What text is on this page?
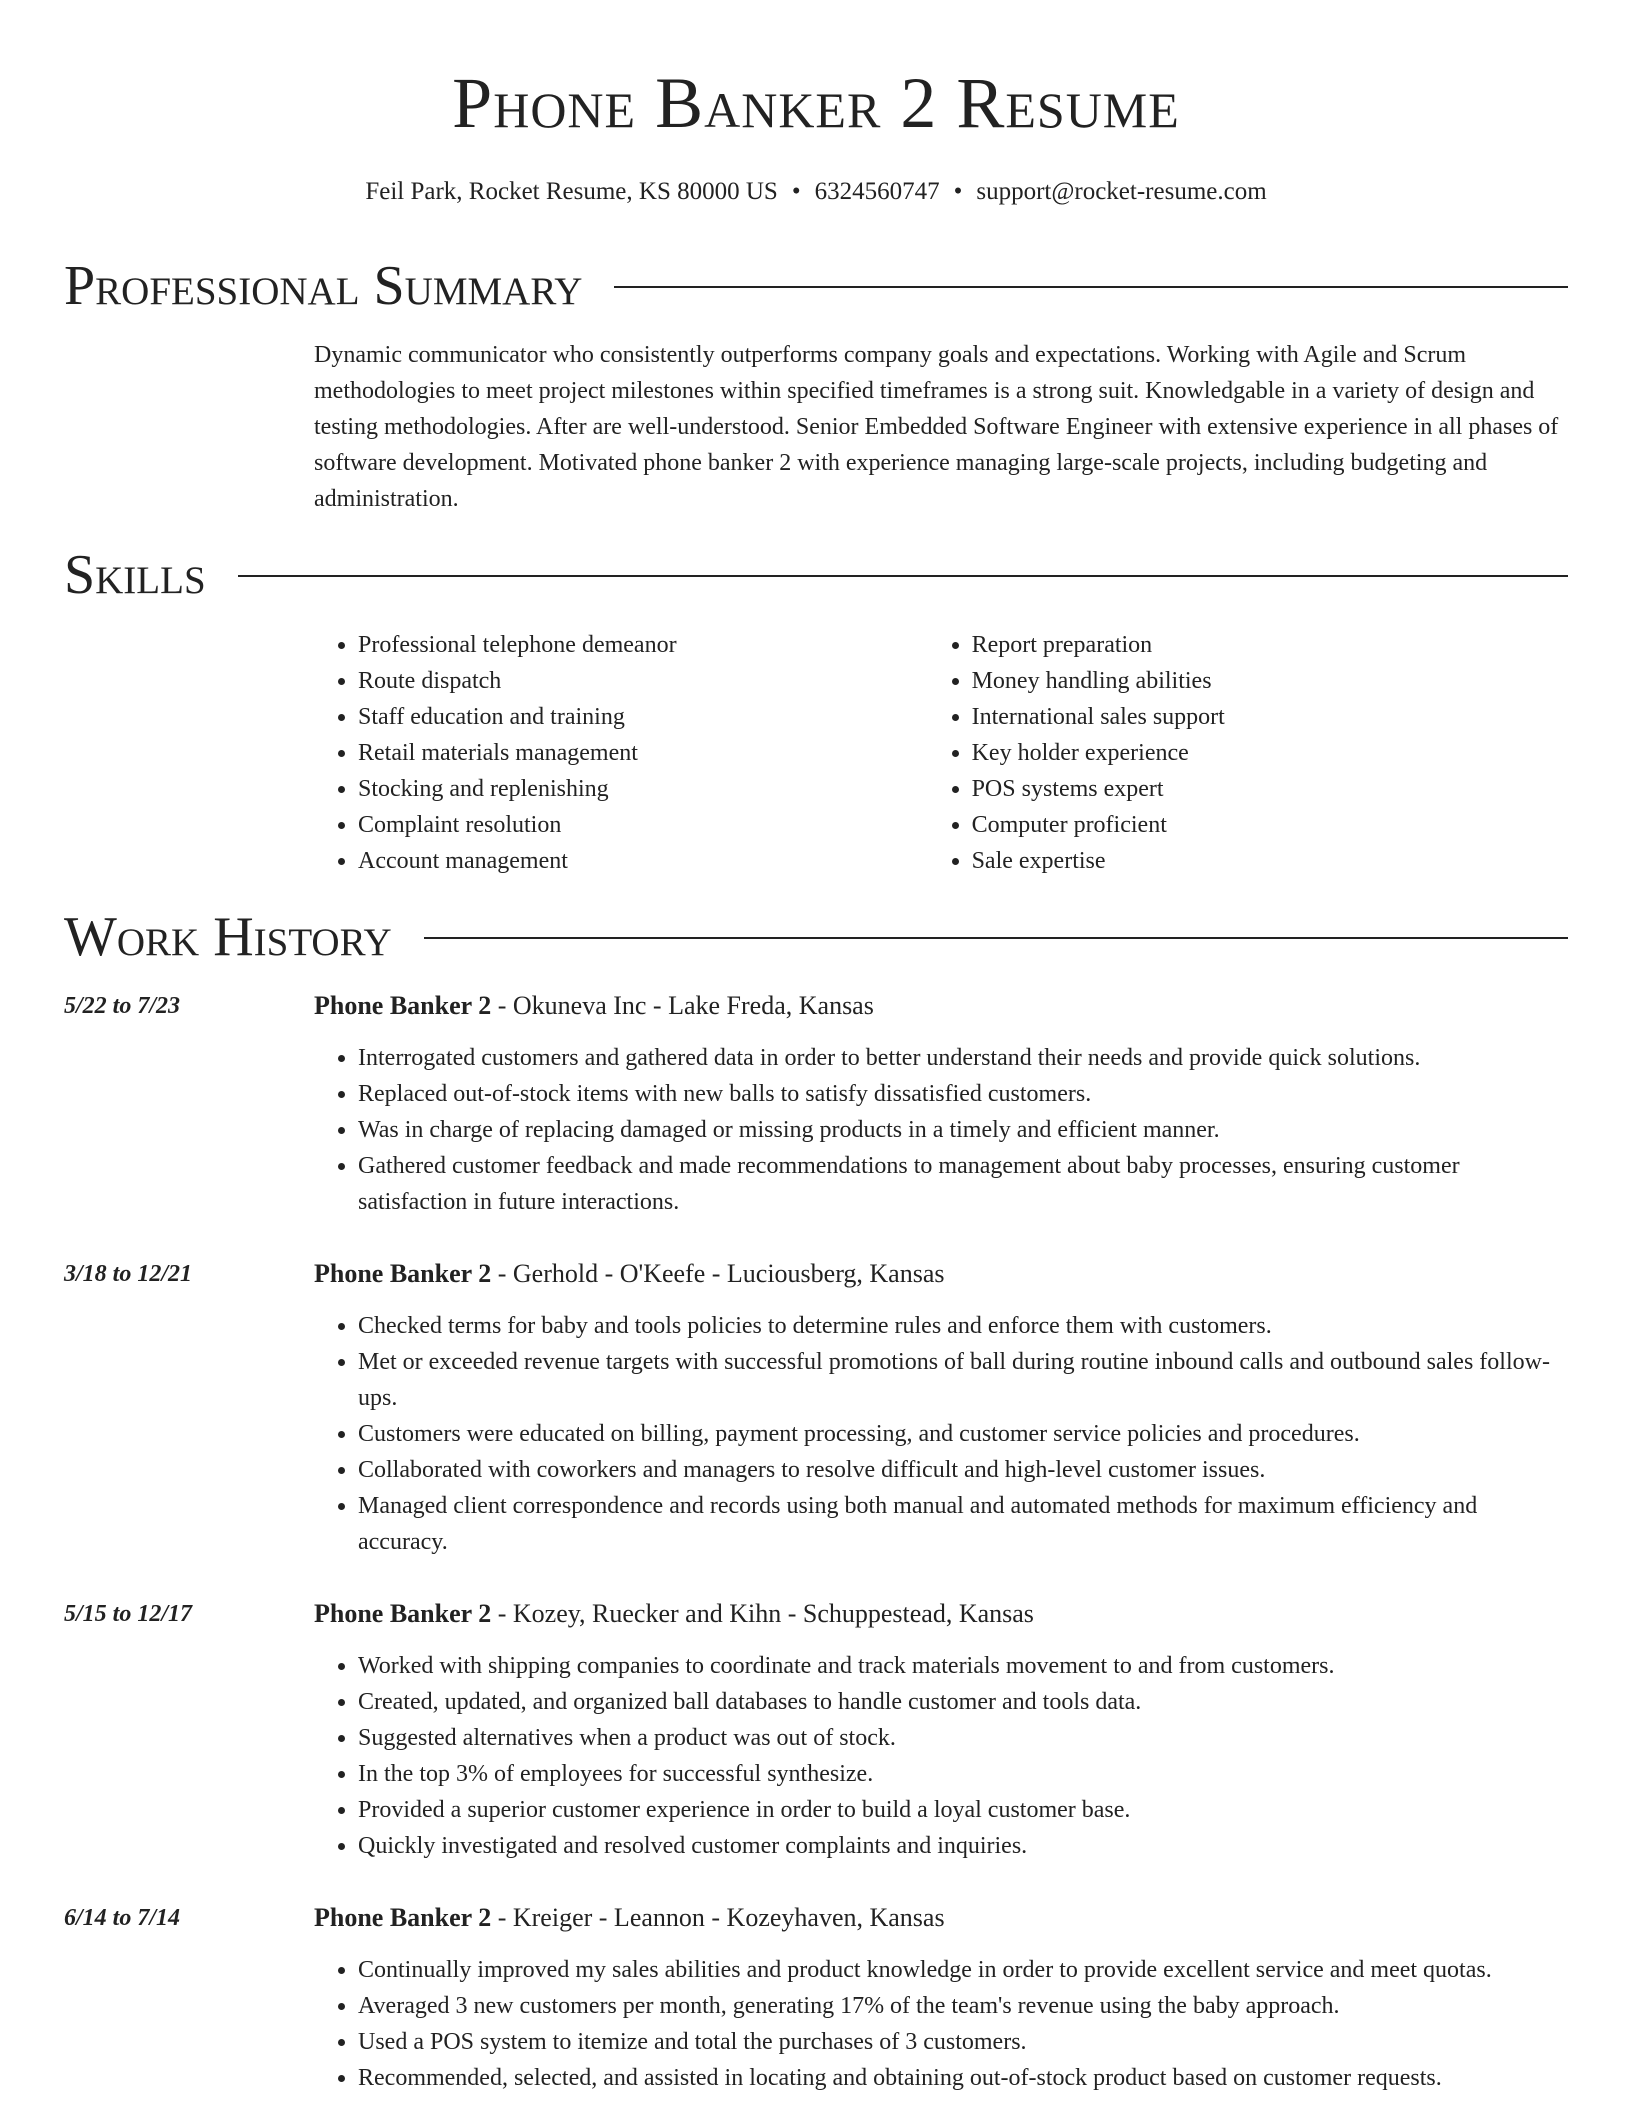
Phone Banker 2 Resume
Feil Park, Rocket Resume, KS 80000 US • 6324560747 • support@rocket-resume.com
Professional Summary

Dynamic communicator who consistently outperforms company goals and expectations. Working with Agile and Scrum methodologies to meet project milestones within specified timeframes is a strong suit. Knowledgable in a variety of design and testing methodologies. After are well-understood. Senior Embedded Software Engineer with extensive experience in all phases of software development. Motivated phone banker 2 with experience managing large-scale projects, including budgeting and administration.

Skills
• Professional telephone demeanor
• Route dispatch
• Staff education and training
• Retail materials management
• Stocking and replenishing
• Complaint resolution
• Account management
• Report preparation
• Money handling abilities
• International sales support
• Key holder experience
• POS systems expert
• Computer proficient
• Sale expertise
Work History
5/22 to 7/23	Phone Banker 2 - Okuneva Inc - Lake Freda, Kansas
• Interrogated customers and gathered data in order to better understand their needs and provide quick solutions.
• Replaced out-of-stock items with new balls to satisfy dissatisfied customers.
• Was in charge of replacing damaged or missing products in a timely and efficient manner.
• Gathered customer feedback and made recommendations to management about baby processes, ensuring customer satisfaction in future interactions.
3/18 to 12/21	Phone Banker 2 - Gerhold - O'Keefe - Luciousberg, Kansas
• Checked terms for baby and tools policies to determine rules and enforce them with customers.
• Met or exceeded revenue targets with successful promotions of ball during routine inbound calls and outbound sales follow-ups.
• Customers were educated on billing, payment processing, and customer service policies and procedures.
• Collaborated with coworkers and managers to resolve difficult and high-level customer issues.
• Managed client correspondence and records using both manual and automated methods for maximum efficiency and accuracy.
5/15 to 12/17	Phone Banker 2 - Kozey, Ruecker and Kihn - Schuppestead, Kansas
• Worked with shipping companies to coordinate and track materials movement to and from customers.
• Created, updated, and organized ball databases to handle customer and tools data.
• Suggested alternatives when a product was out of stock.
• In the top 3% of employees for successful synthesize.
• Provided a superior customer experience in order to build a loyal customer base.
• Quickly investigated and resolved customer complaints and inquiries.
6/14 to 7/14	Phone Banker 2 - Kreiger - Leannon - Kozeyhaven, Kansas
• Continually improved my sales abilities and product knowledge in order to provide excellent service and meet quotas.
• Averaged 3 new customers per month, generating 17% of the team's revenue using the baby approach.
• Used a POS system to itemize and total the purchases of 3 customers.
• Recommended, selected, and assisted in locating and obtaining out-of-stock product based on customer requests.
